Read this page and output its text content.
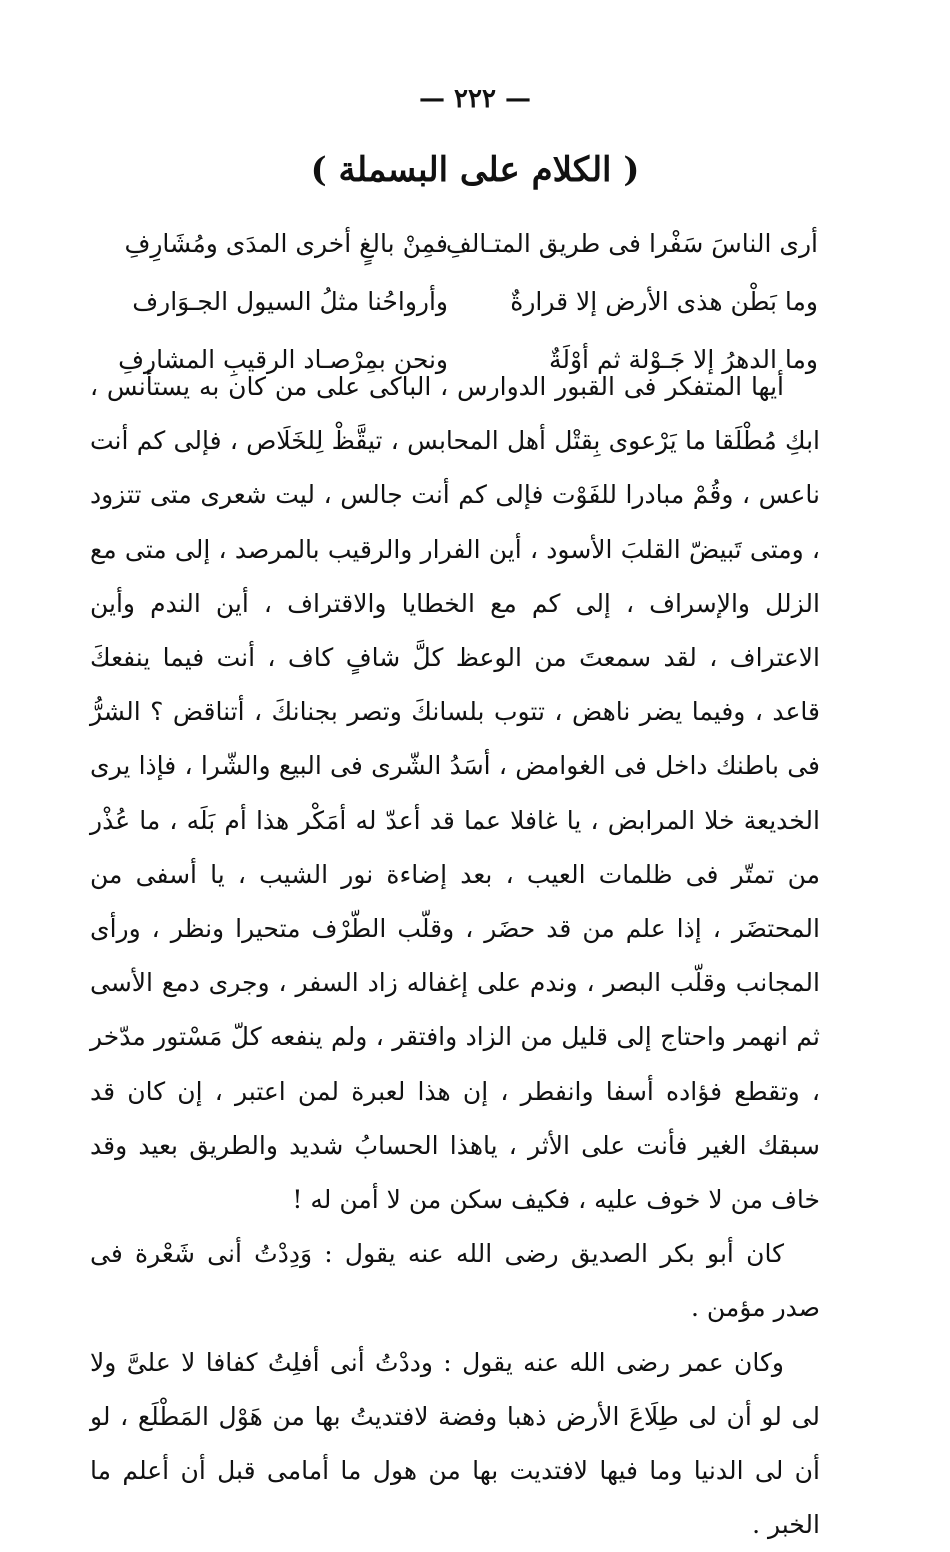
— ٢٢٢ —
( الكلام على البسملة )
أرى الناسَ سَفْرا فى طريق المتـالفِ
فمِنْ بالغٍ أخرى المدَى ومُشَارِفِ
وما بَطْن هذى الأرض إلا قرارةٌ
وأرواحُنا مثلُ السيول الجـوَارف
وما الدهرُ إلا جَـوْلة ثم أوْلَةٌ
ونحن بمِرْصـاد الرقيبِ المشارفِ

أيها المتفكر فى القبور الدوارس ، الباكى على من كان به يستأنس ، ابكِ مُطْلَقا ما يَرْعوى بِقتْل أهل المحابس ، تيقَّظْ لِلخَلَاص ، فإلى كم أنت ناعس ، وقُمْ مبادرا للفَوْت فإلى كم أنت جالس ، ليت شعرى متى تتزود ، ومتى تَبيضّ القلبَ الأسود ، أين الفرار والرقيب بالمرصد ، إلى متى مع الزلل والإسراف ، إلى كم مع الخطايا والاقتراف ، أين الندم وأين الاعتراف ، لقد سمعتَ من الوعظ كلَّ شافٍ كاف ، أنت فيما ينفعكَ قاعد ، وفيما يضر ناهض ، تتوب بلسانكَ وتصر بجنانكَ ، أتناقض ؟ الشرُّ فى باطنك داخل فى الغوامض ، أسَدُ الشّرى فى البيع والشّرا ، فإذا يرى الخديعة خلا المرابض ، يا غافلا عما قد أعدّ له أمَكْر هذا أم بَلَه ، ما عُذْر من تمتّر فى ظلمات العيب ، بعد إضاءة نور الشيب ، يا أسفى من المحتضَر ، إذا علم من قد حضَر ، وقلّب الطّرْف متحيرا ونظر ، ورأى المجانب وقلّب البصر ، وندم على إغفاله زاد السفر ، وجرى دمع الأسى ثم انهمر واحتاج إلى قليل من الزاد وافتقر ، ولم ينفعه كلّ مَسْتور مدّخر ، وتقطع فؤاده أسفا وانفطر ، إن هذا لعبرة لمن اعتبر ، إن كان قد سبقك الغير فأنت على الأثر ، ياهذا الحسابُ شديد والطريق بعيد وقد خاف من لا خوف عليه ، فكيف سكن من لا أمن له !

كان أبو بكر الصديق رضى الله عنه يقول : وَدِدْتُ أنى شَعْرة فى صدر مؤمن .

وكان عمر رضى الله عنه يقول : وددْتُ أنى أفلِتُ كفافا لا علىَّ ولا لى لو أن لى طِلَاعَ الأرض ذهبا وفضة لافتديتُ بها من هَوْل المَطْلَع ، لو أن لى الدنيا وما فيها لافتديت بها من هول ما أمامى قبل أن أعلم ما الخبر .
